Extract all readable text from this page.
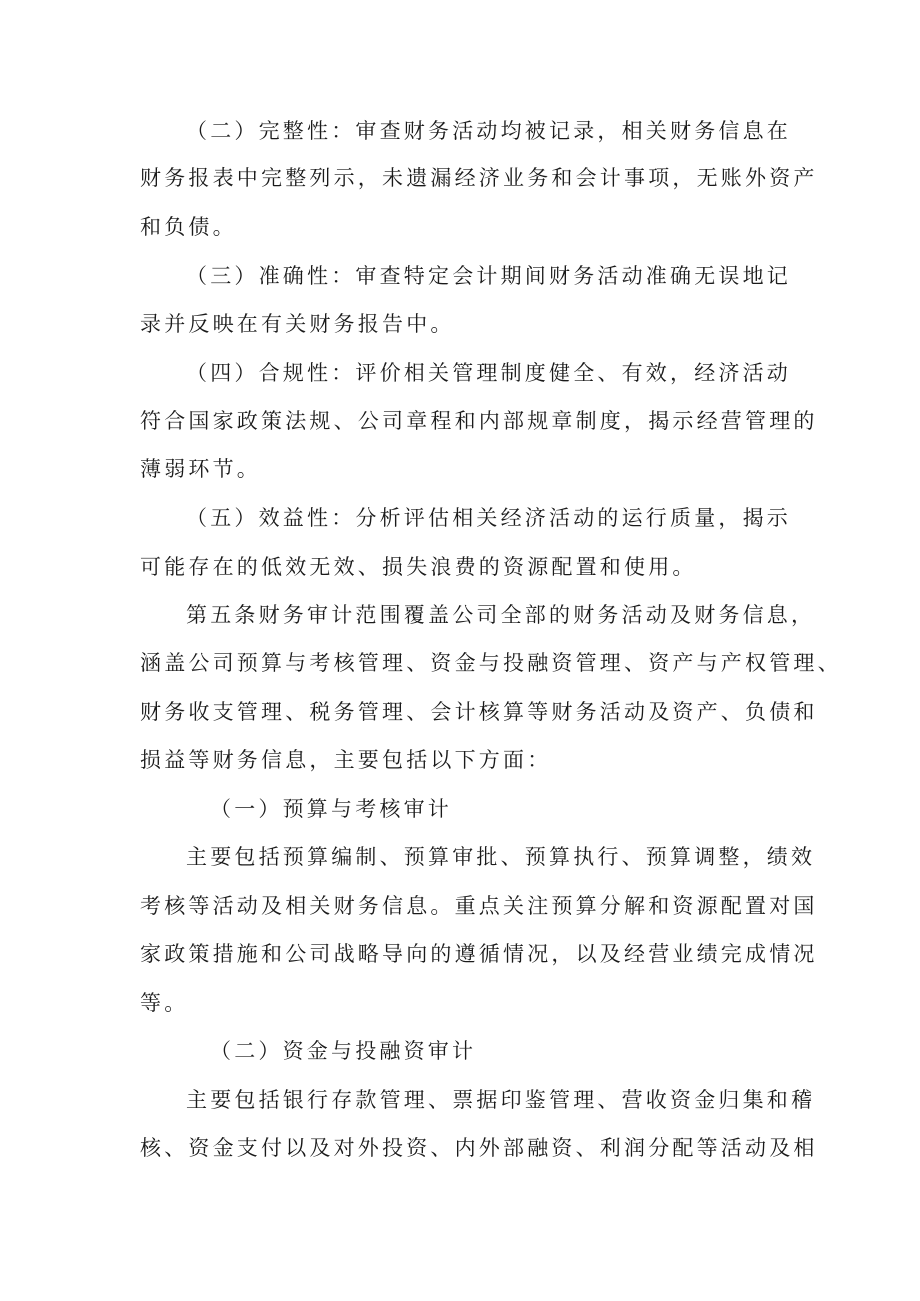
（二）完整性：审查财务活动均被记录，相关财务信息在
财务报表中完整列示，未遗漏经济业务和会计事项，无账外资产
和负债。
（三）准确性：审查特定会计期间财务活动准确无误地记
录并反映在有关财务报告中。
（四）合规性：评价相关管理制度健全、有效，经济活动
符合国家政策法规、公司章程和内部规章制度，揭示经营管理的
薄弱环节。
（五）效益性：分析评估相关经济活动的运行质量，揭示
可能存在的低效无效、损失浪费的资源配置和使用。
第五条财务审计范围覆盖公司全部的财务活动及财务信息，
涵盖公司预算与考核管理、资金与投融资管理、资产与产权管理、
财务收支管理、税务管理、会计核算等财务活动及资产、负债和
损益等财务信息，主要包括以下方面：
（一）预算与考核审计
主要包括预算编制、预算审批、预算执行、预算调整，绩效
考核等活动及相关财务信息。重点关注预算分解和资源配置对国
家政策措施和公司战略导向的遵循情况，以及经营业绩完成情况
等。
（二）资金与投融资审计
主要包括银行存款管理、票据印鉴管理、营收资金归集和稽
核、资金支付以及对外投资、内外部融资、利润分配等活动及相
